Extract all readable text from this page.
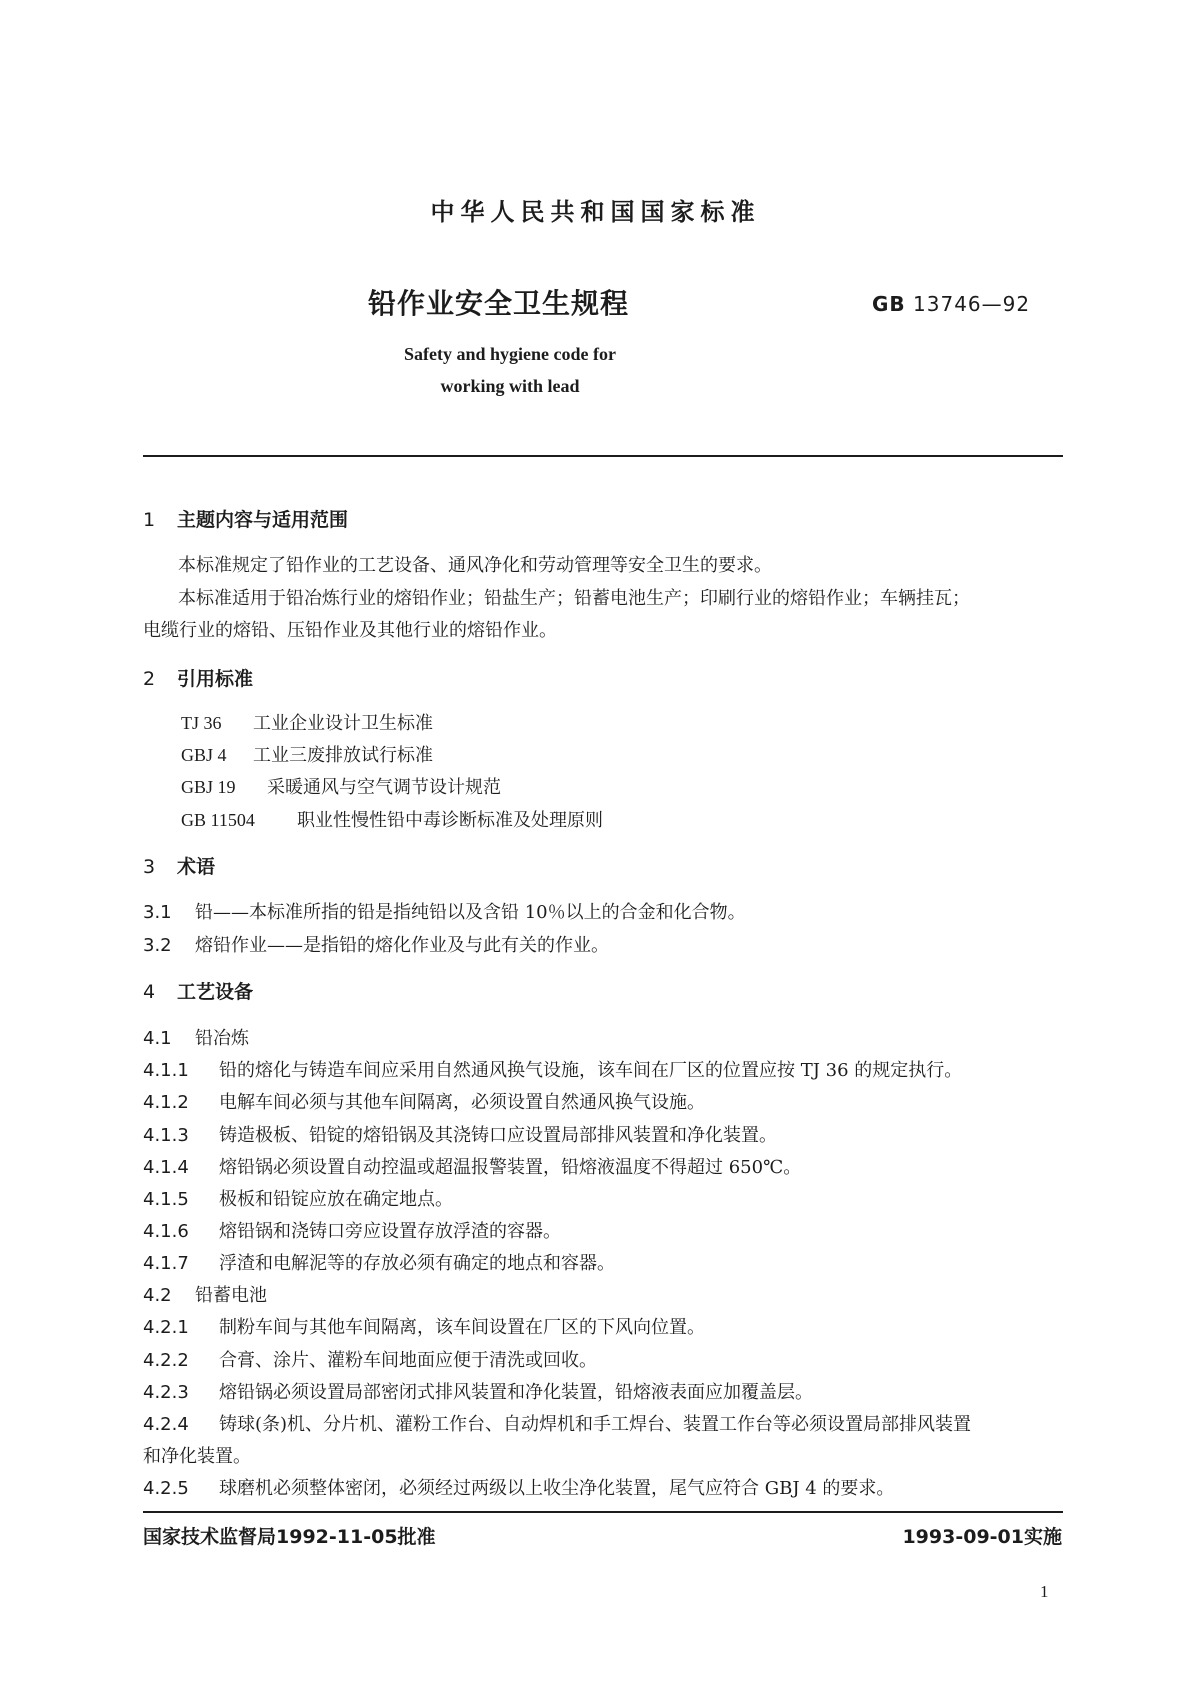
中华人民共和国国家标准
铅作业安全卫生规程	GB 13746—92
Safety and hygiene code for
working with lead
1 主题内容与适用范围
本标准规定了铅作业的工艺设备、通风净化和劳动管理等安全卫生的要求。
本标准适用于铅冶炼行业的熔铅作业；铅盐生产；铅蓄电池生产；印刷行业的熔铅作业；车辆挂瓦；
电缆行业的熔铅、压铅作业及其他行业的熔铅作业。
2 引用标准
TJ 36 工业企业设计卫生标准
GBJ 4 工业三废排放试行标准
GBJ 19 采暖通风与空气调节设计规范
GB 11504 职业性慢性铅中毒诊断标准及处理原则
3 术语
3.1 铅——本标准所指的铅是指纯铅以及含铅 10％以上的合金和化合物。
3.2 熔铅作业——是指铅的熔化作业及与此有关的作业。
4 工艺设备
4.1 铅冶炼
4.1.1 铅的熔化与铸造车间应采用自然通风换气设施，该车间在厂区的位置应按 TJ 36 的规定执行。
4.1.2 电解车间必须与其他车间隔离，必须设置自然通风换气设施。
4.1.3 铸造极板、铅锭的熔铅锅及其浇铸口应设置局部排风装置和净化装置。
4.1.4 熔铅锅必须设置自动控温或超温报警装置，铅熔液温度不得超过 650℃。
4.1.5 极板和铅锭应放在确定地点。
4.1.6 熔铅锅和浇铸口旁应设置存放浮渣的容器。
4.1.7 浮渣和电解泥等的存放必须有确定的地点和容器。
4.2 铅蓄电池
4.2.1 制粉车间与其他车间隔离，该车间设置在厂区的下风向位置。
4.2.2 合膏、涂片、灌粉车间地面应便于清洗或回收。
4.2.3 熔铅锅必须设置局部密闭式排风装置和净化装置，铅熔液表面应加覆盖层。
4.2.4 铸球(条)机、分片机、灌粉工作台、自动焊机和手工焊台、装置工作台等必须设置局部排风装置
和净化装置。
4.2.5 球磨机必须整体密闭，必须经过两级以上收尘净化装置，尾气应符合 GBJ 4 的要求。
国家技术监督局1992-11-05批准	1993-09-01实施
1
